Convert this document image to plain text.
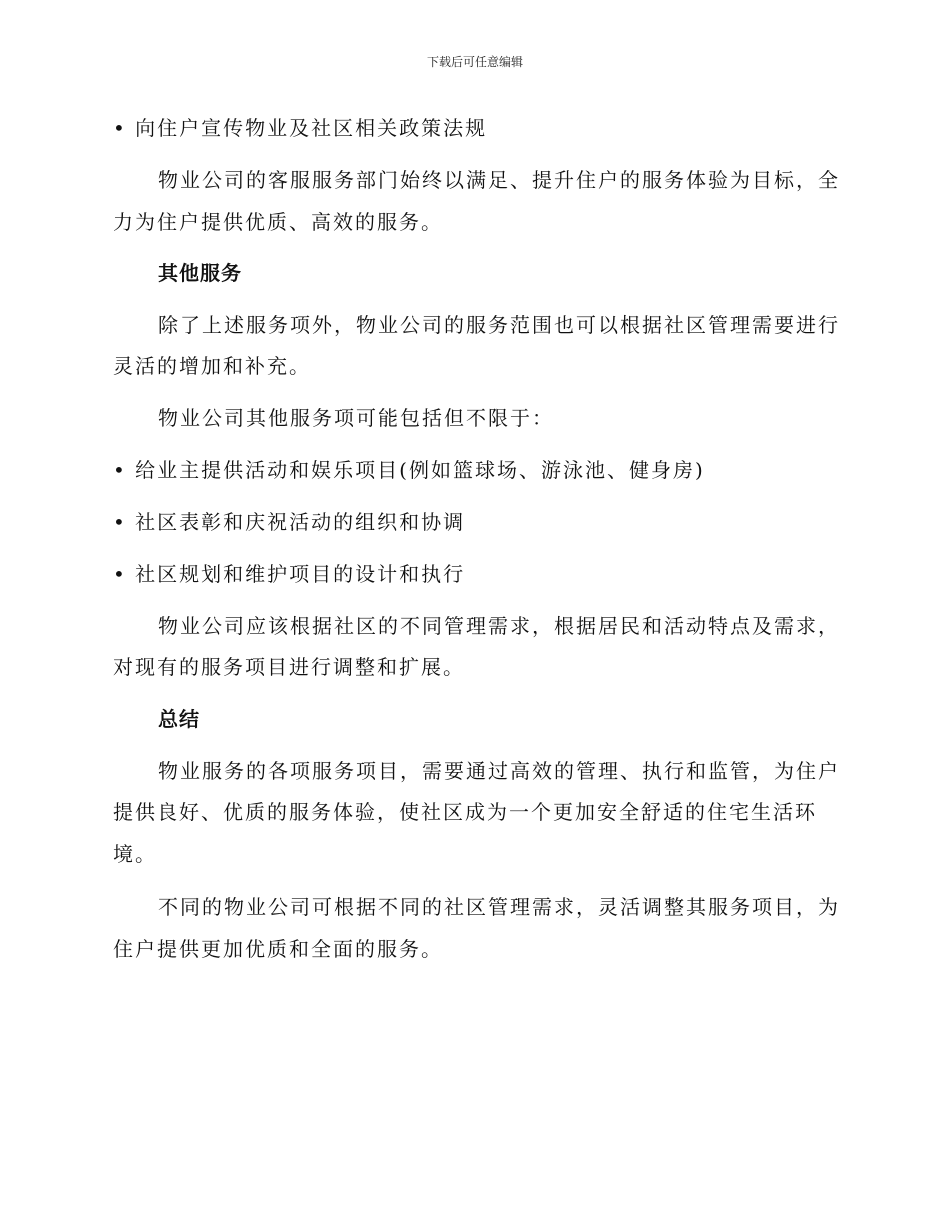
下载后可任意编辑
• 向住户宣传物业及社区相关政策法规
物业公司的客服服务部门始终以满足、提升住户的服务体验为目标，全
力为住户提供优质、高效的服务。
其他服务
除了上述服务项外，物业公司的服务范围也可以根据社区管理需要进行
灵活的增加和补充。
物业公司其他服务项可能包括但不限于：
• 给业主提供活动和娱乐项目(例如篮球场、游泳池、健身房)
• 社区表彰和庆祝活动的组织和协调
• 社区规划和维护项目的设计和执行
物业公司应该根据社区的不同管理需求，根据居民和活动特点及需求，
对现有的服务项目进行调整和扩展。
总结
物业服务的各项服务项目，需要通过高效的管理、执行和监管，为住户
提供良好、优质的服务体验，使社区成为一个更加安全舒适的住宅生活环
境。
不同的物业公司可根据不同的社区管理需求，灵活调整其服务项目，为
住户提供更加优质和全面的服务。
